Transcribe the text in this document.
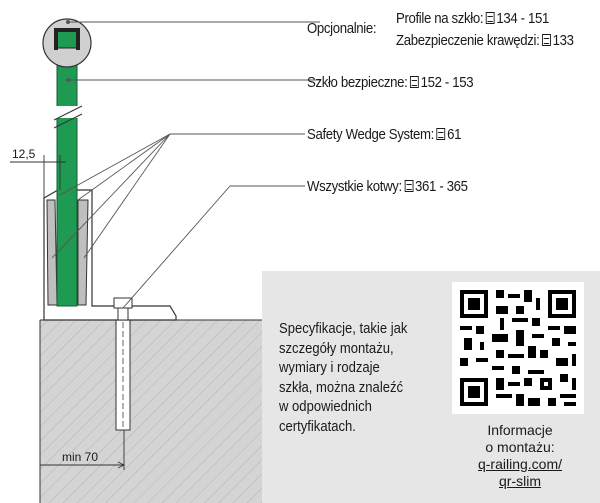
12,5
min 70
Opcjonalnie:
Profile na szkło: 134 - 151
Zabezpieczenie krawędzi: 133
Szkło bezpieczne: 152 - 153
Safety Wedge System: 61
Wszystkie kotwy: 361 - 365
Specyfikacje, takie jak
szczegóły montażu,
wymiary i rodzaje
szkła, można znaleźć
w odpowiednich
certyfikatach.	Informacje
o montażu:
q-railing.com/
qr-slim
